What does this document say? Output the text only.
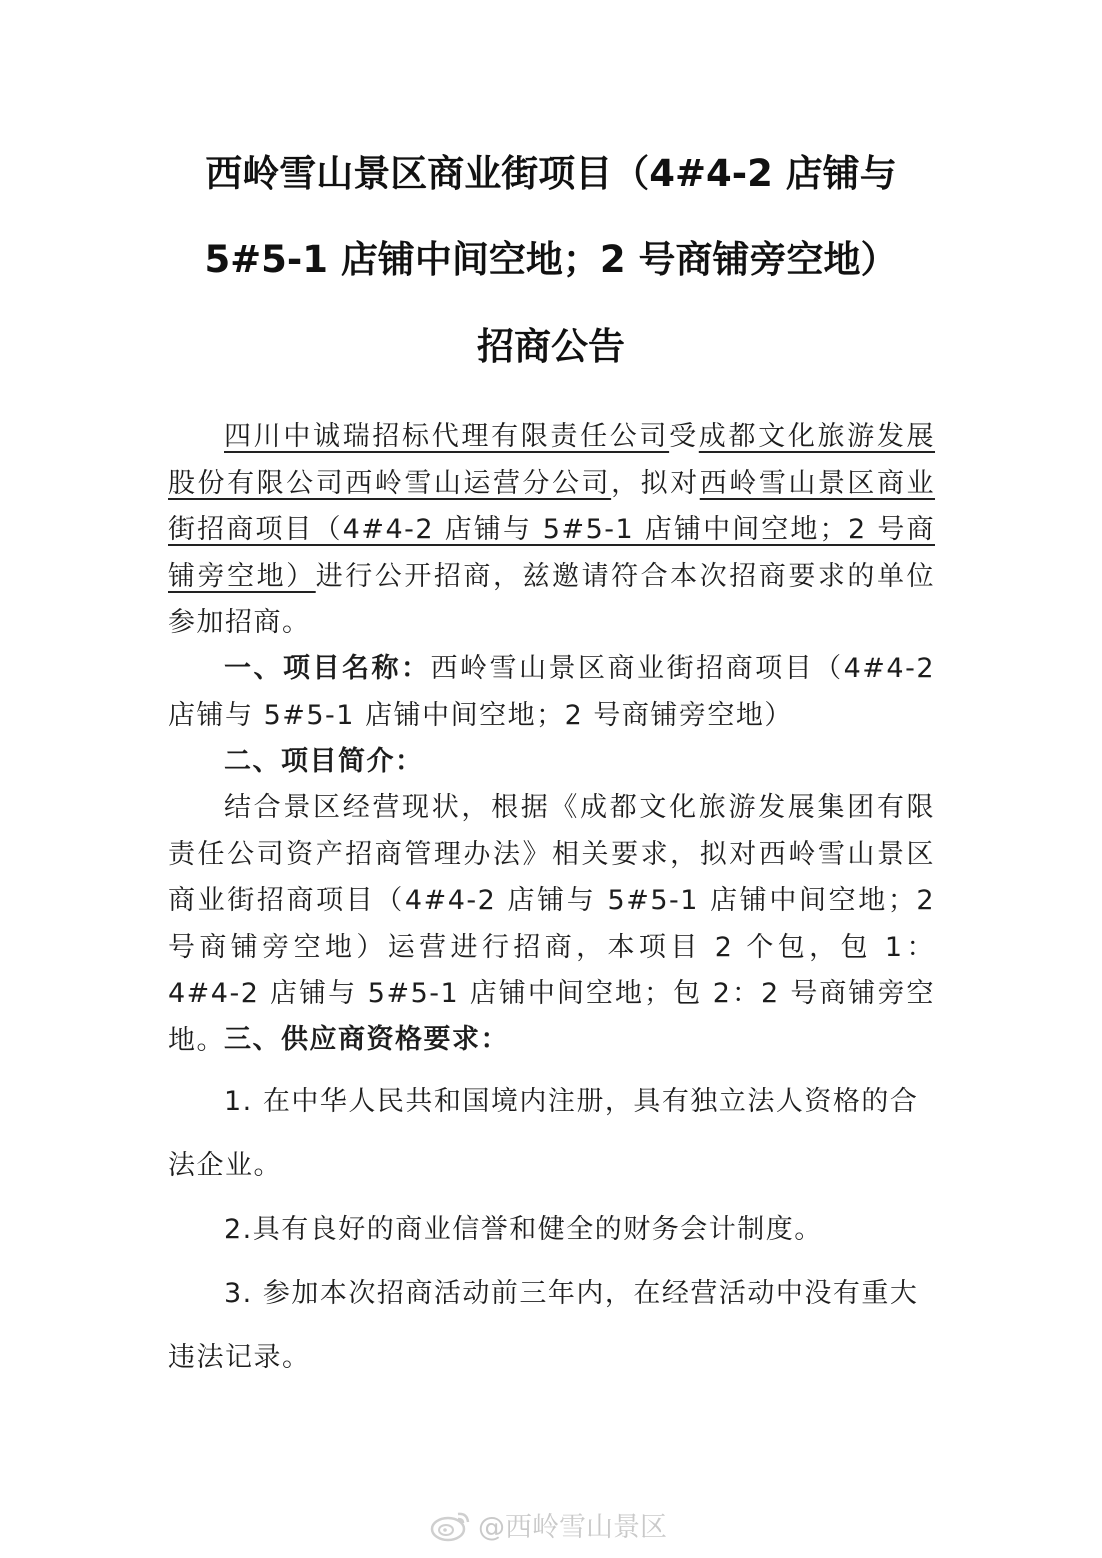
西岭雪山景区商业街项目（4#4-2 店铺与
5#5-1 店铺中间空地；2 号商铺旁空地）
招商公告

四川中诚瑞招标代理有限责任公司受成都文化旅游发展股份有限公司西岭雪山运营分公司，拟对西岭雪山景区商业街招商项目（4#4-2 店铺与 5#5-1 店铺中间空地；2 号商铺旁空地）进行公开招商，兹邀请符合本次招商要求的单位参加招商。

一、项目名称：西岭雪山景区商业街招商项目（4#4-2 店铺与 5#5-1 店铺中间空地；2 号商铺旁空地）

二、项目简介：

结合景区经营现状，根据《成都文化旅游发展集团有限责任公司资产招商管理办法》相关要求，拟对西岭雪山景区商业街招商项目（4#4-2 店铺与 5#5-1 店铺中间空地；2 号商铺旁空地）运营进行招商，本项目 2 个包，包 1：4#4-2 店铺与 5#5-1 店铺中间空地；包 2：2 号商铺旁空地。 三、供应商资格要求：

1. 在中华人民共和国境内注册，具有独立法人资格的合法企业。

2.具有良好的商业信誉和健全的财务会计制度。

3. 参加本次招商活动前三年内，在经营活动中没有重大违法记录。

@西岭雪山景区
